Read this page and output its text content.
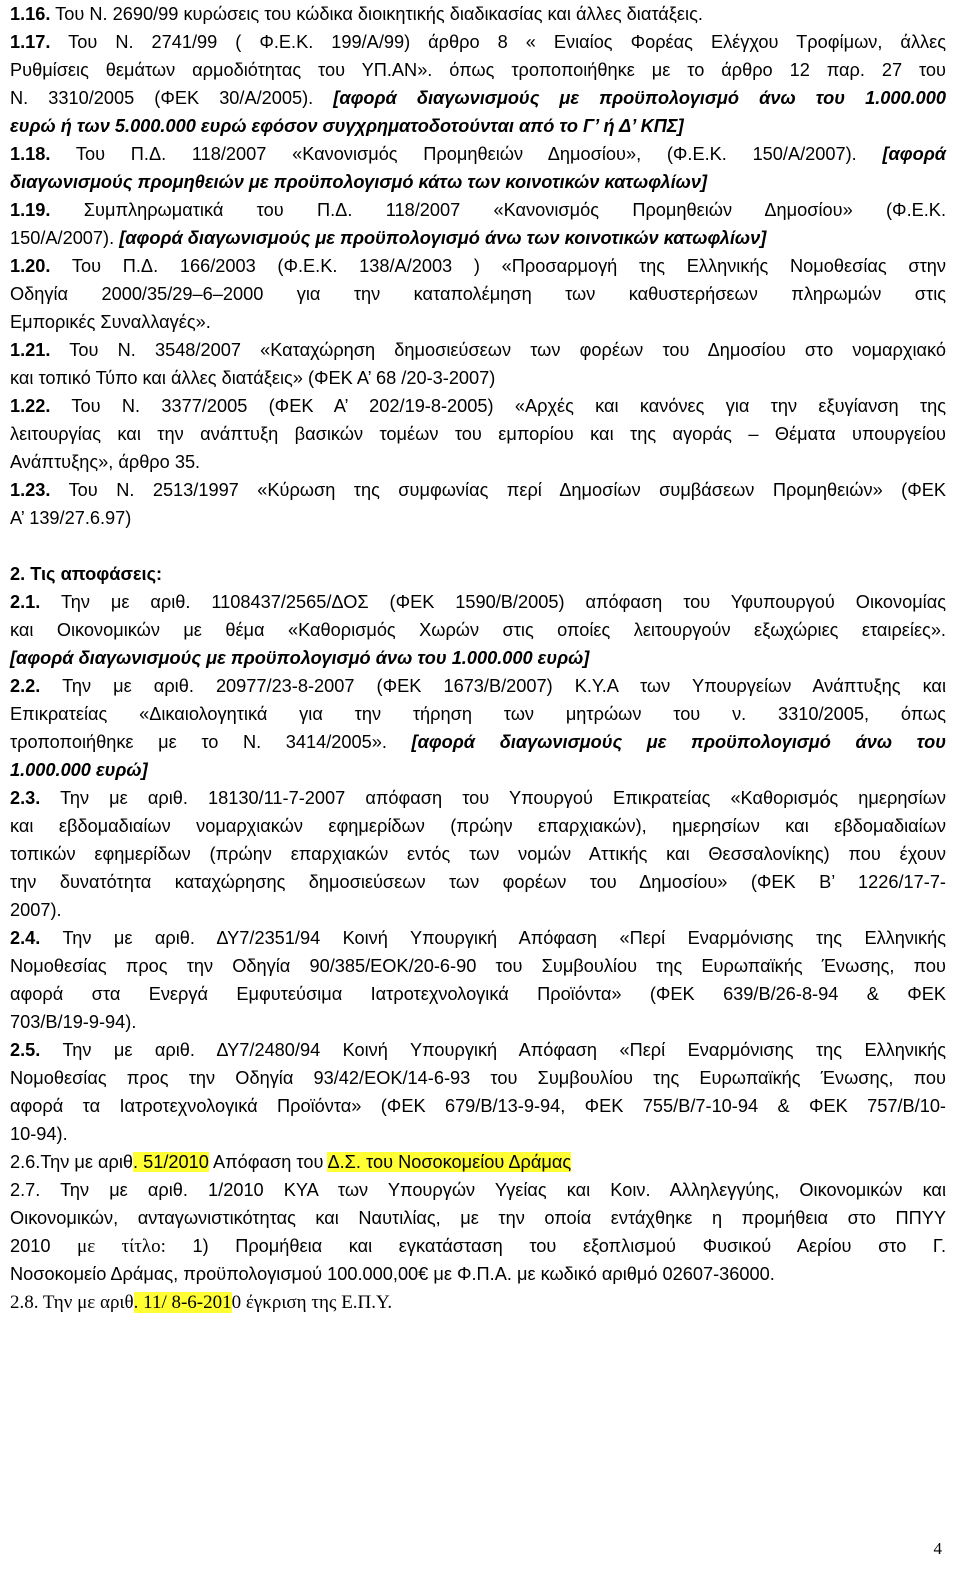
1.16. Του Ν. 2690/99 κυρώσεις του κώδικα διοικητικής διαδικασίας και άλλες διατάξεις.
1.17. Του Ν. 2741/99 ( Φ.Ε.Κ. 199/Α/99) άρθρο 8 « Ενιαίος Φορέας Ελέγχου Τροφίμων, άλλες
Ρυθμίσεις θεμάτων αρμοδιότητας του ΥΠ.ΑΝ». όπως τροποποιήθηκε με το άρθρο 12 παρ. 27 του
Ν. 3310/2005 (ΦΕΚ 30/Α/2005). [αφορά διαγωνισμούς με προϋπολογισμό άνω του 1.000.000
ευρώ ή των 5.000.000 ευρώ εφόσον συγχρηματοδοτούνται από το Γ’ ή Δ’ ΚΠΣ]
1.18. Του Π.Δ. 118/2007 «Κανονισμός Προμηθειών Δημοσίου», (Φ.Ε.Κ. 150/Α/2007). [αφορά
διαγωνισμούς προμηθειών με προϋπολογισμό κάτω των κοινοτικών κατωφλίων]
1.19. Συμπληρωματικά του Π.Δ. 118/2007 «Κανονισμός Προμηθειών Δημοσίου» (Φ.Ε.Κ.
150/Α/2007). [αφορά διαγωνισμούς με προϋπολογισμό άνω των κοινοτικών κατωφλίων]
1.20. Του Π.Δ. 166/2003 (Φ.Ε.Κ. 138/Α/2003 ) «Προσαρμογή της Ελληνικής Νομοθεσίας στην
Οδηγία 2000/35/29–6–2000 για την καταπολέμηση των καθυστερήσεων πληρωμών στις
Εμπορικές Συναλλαγές».
1.21. Του Ν. 3548/2007 «Καταχώρηση δημοσιεύσεων των φορέων του Δημοσίου στο νομαρχιακό
και τοπικό Τύπο και άλλες διατάξεις» (ΦΕΚ Α’ 68 /20-3-2007)
1.22. Του Ν. 3377/2005 (ΦΕΚ Α’ 202/19-8-2005) «Αρχές και κανόνες για την εξυγίανση της
λειτουργίας και την ανάπτυξη βασικών τομέων του εμπορίου και της αγοράς – Θέματα υπουργείου
Ανάπτυξης», άρθρο 35.
1.23. Του Ν. 2513/1997 «Κύρωση της συμφωνίας περί Δημοσίων συμβάσεων Προμηθειών» (ΦΕΚ
Α’ 139/27.6.97)
2. Τις αποφάσεις:
2.1. Την με αριθ. 1108437/2565/ΔΟΣ (ΦΕΚ 1590/Β/2005) απόφαση του Υφυπουργού Οικονομίας
και Οικονομικών με θέμα «Καθορισμός Χωρών στις οποίες λειτουργούν εξωχώριες εταιρείες».
[αφορά διαγωνισμούς με προϋπολογισμό άνω του 1.000.000 ευρώ]
2.2. Την με αριθ. 20977/23-8-2007 (ΦΕΚ 1673/Β/2007) Κ.Υ.Α των Υπουργείων Ανάπτυξης και
Επικρατείας «Δικαιολογητικά για την τήρηση των μητρώων του ν. 3310/2005, όπως
τροποποιήθηκε με το Ν. 3414/2005». [αφορά διαγωνισμούς με προϋπολογισμό άνω του
1.000.000 ευρώ]
2.3. Την με αριθ. 18130/11-7-2007 απόφαση του Υπουργού Επικρατείας «Καθορισμός ημερησίων
και εβδομαδιαίων νομαρχιακών εφημερίδων (πρώην επαρχιακών), ημερησίων και εβδομαδιαίων
τοπικών εφημερίδων (πρώην επαρχιακών εντός των νομών Αττικής και Θεσσαλονίκης) που έχουν
την δυνατότητα καταχώρησης δημοσιεύσεων των φορέων του Δημοσίου» (ΦΕΚ Β’ 1226/17-7-
2007).
2.4. Την με αριθ. ΔΥ7/2351/94 Κοινή Υπουργική Απόφαση «Περί Εναρμόνισης της Ελληνικής
Νομοθεσίας προς την Οδηγία 90/385/ΕΟΚ/20-6-90 του Συμβουλίου της Ευρωπαϊκής Ένωσης, που
αφορά στα Ενεργά Εμφυτεύσιμα Ιατροτεχνολογικά Προϊόντα» (ΦΕΚ 639/Β/26-8-94 & ΦΕΚ
703/Β/19-9-94).
2.5. Την με αριθ. ΔΥ7/2480/94 Κοινή Υπουργική Απόφαση «Περί Εναρμόνισης της Ελληνικής
Νομοθεσίας προς την Οδηγία 93/42/ΕΟΚ/14-6-93 του Συμβουλίου της Ευρωπαϊκής Ένωσης, που
αφορά τα Ιατροτεχνολογικά Προϊόντα» (ΦΕΚ 679/Β/13-9-94, ΦΕΚ 755/Β/7-10-94 & ΦΕΚ 757/Β/10-
10-94).
2.6.Την με αριθ. 51/2010 Απόφαση του Δ.Σ. του Νοσοκομείου Δράμας
2.7. Την με αριθ. 1/2010 ΚΥΑ των Υπουργών Υγείας και Κοιν. Αλληλεγγύης, Οικονομικών και
Οικονομικών, ανταγωνιστικότητας και Ναυτιλίας, με την οποία εντάχθηκε η προμήθεια στο ΠΠΥΥ
2010 με τίτλο: 1) Προμήθεια και εγκατάσταση του εξοπλισμού Φυσικού Αερίου στο Γ.
Νοσοκομείο Δράμας, προϋπολογισμού 100.000,00€ με Φ.Π.Α. με κωδικό αριθμό 02607-36000.
2.8. Την με αριθ. 11/ 8-6-2010 έγκριση της Ε.Π.Υ.
4
